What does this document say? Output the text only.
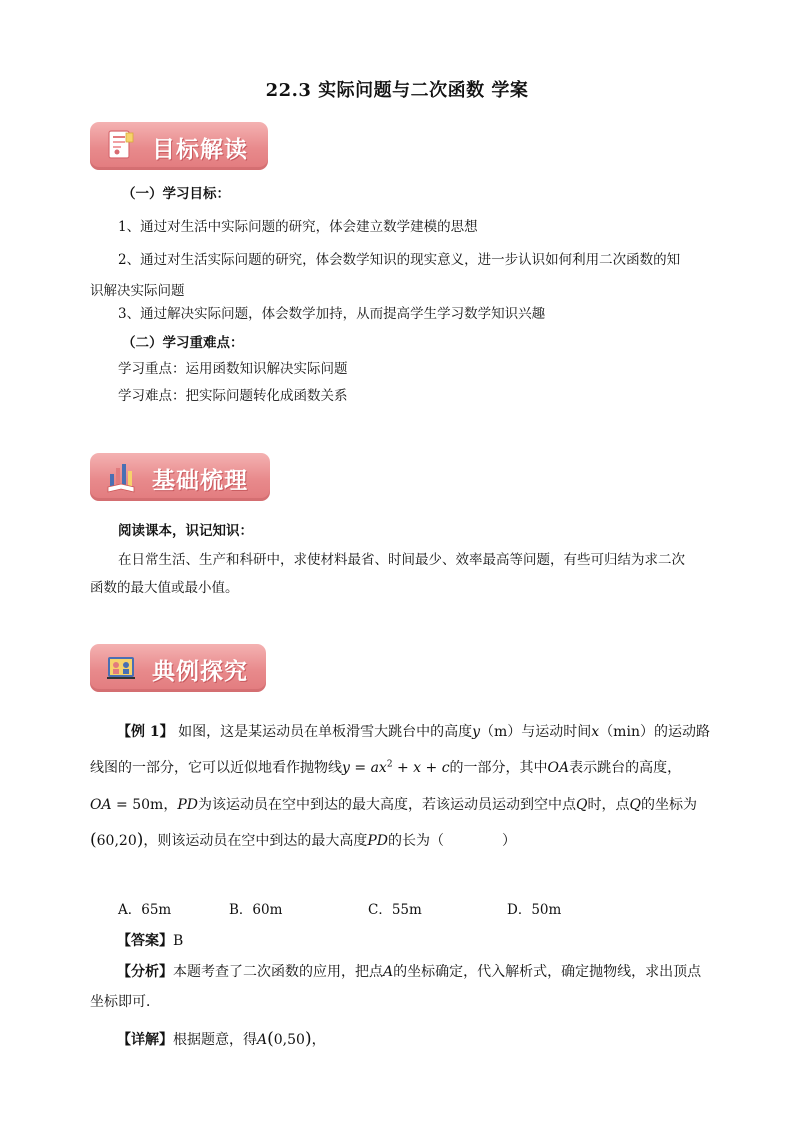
22.3 实际问题与二次函数 学案
目标解读
（一）学习目标：
1、通过对生活中实际问题的研究，体会建立数学建模的思想
2、通过对生活实际问题的研究，体会数学知识的现实意义，进一步认识如何利用二次函数的知
识解决实际问题
3、通过解决实际问题，体会数学加持，从而提高学生学习数学知识兴趣
（二）学习重难点：
学习重点：运用函数知识解决实际问题
学习难点：把实际问题转化成函数关系
基础梳理
阅读课本，识记知识：
在日常生活、生产和科研中，求使材料最省、时间最少、效率最高等问题，有些可归结为求二次
函数的最大值或最小值。
典例探究
【例 1】 如图，这是某运动员在单板滑雪大跳台中的高度y（m）与运动时间x（min）的运动路
线图的一部分，它可以近似地看作抛物线$y = ax^2 + x + c$的一部分，其中OA表示跳台的高度，
OA = 50m，PD为该运动员在空中到达的最大高度，若该运动员运动到空中点Q时，点Q的坐标为
(60,20)，则该运动员在空中到达的最大高度PD的长为（	）
A．65m	B．60m	C．55m	D．50m
【答案】B
【分析】本题考查了二次函数的应用，把点A的坐标确定，代入解析式，确定抛物线，求出顶点
坐标即可．
【详解】根据题意，得A(0,50)，
